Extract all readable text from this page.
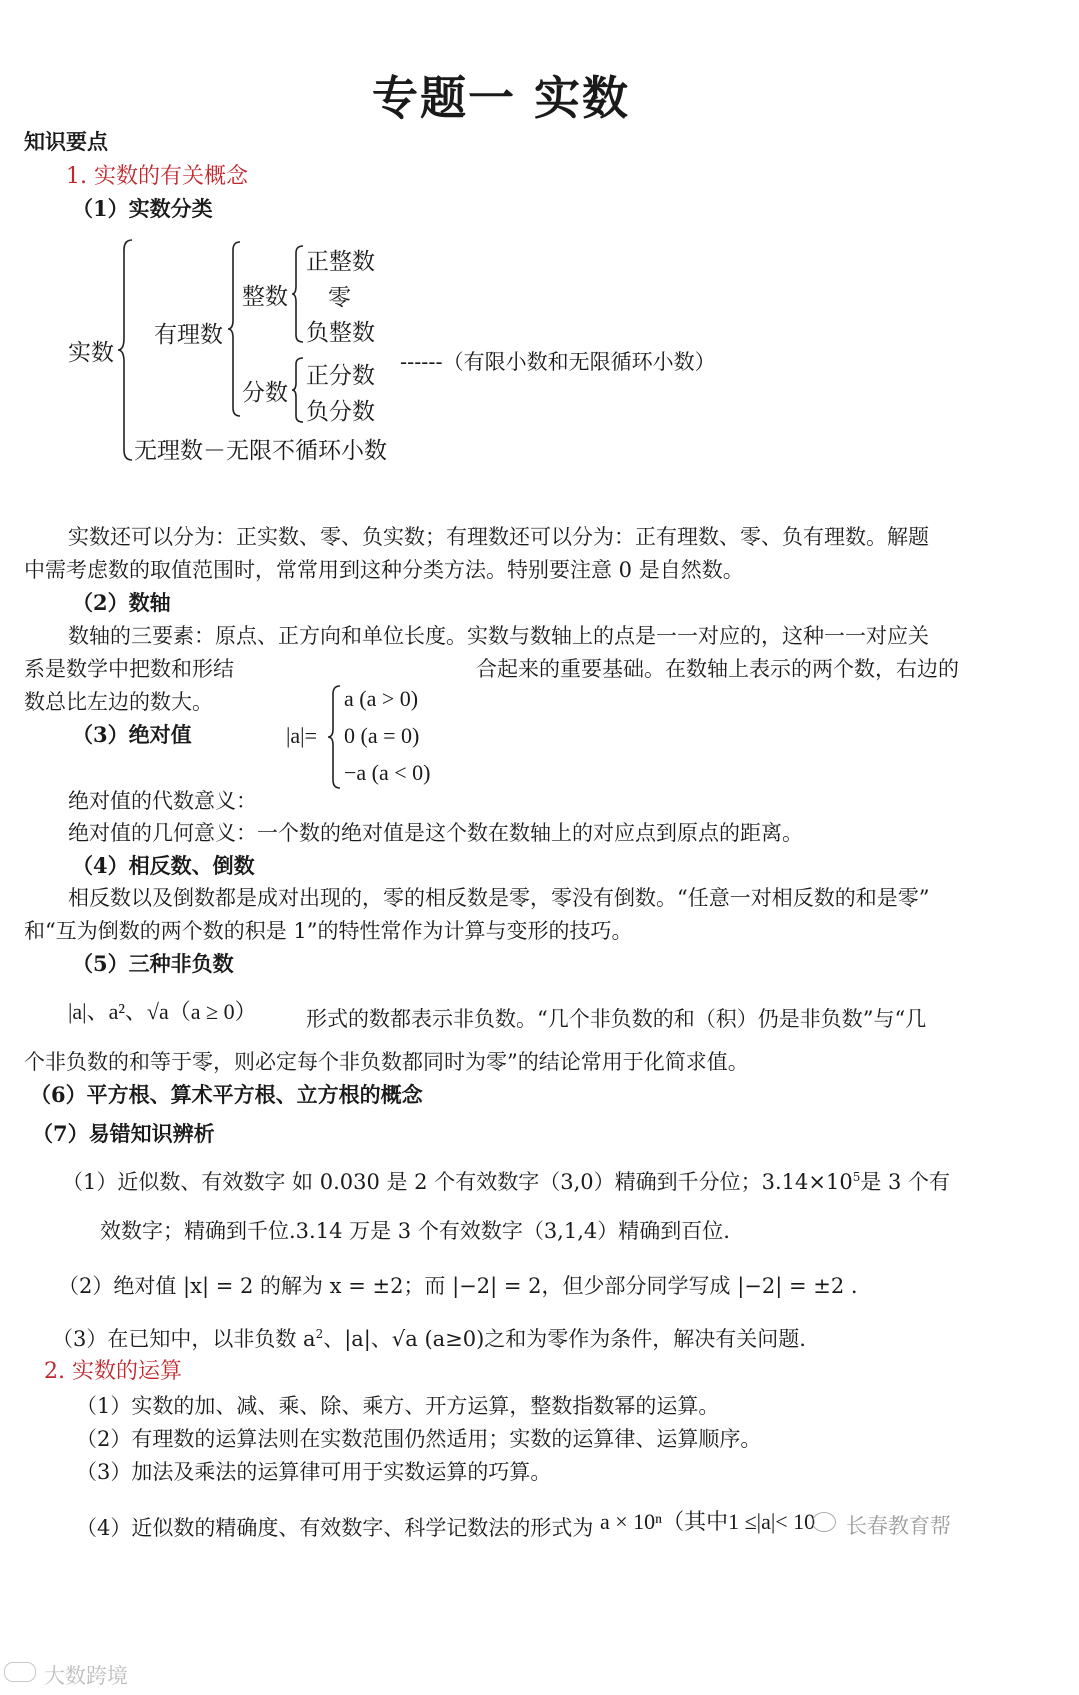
专题一 实数
知识要点
1. 实数的有关概念
（1）实数分类
实数
有理数
整数
正整数
零
负整数
分数
正分数
负分数
------（有限小数和无限循环小数）
无理数－无限不循环小数
实数还可以分为：正实数、零、负实数；有理数还可以分为：正有理数、零、负有理数。解题
中需考虑数的取值范围时，常常用到这种分类方法。特别要注意 0 是自然数。
（2）数轴
数轴的三要素：原点、正方向和单位长度。实数与数轴上的点是一一对应的，这种一一对应关
系是数学中把数和形结	合起来的重要基础。在数轴上表示的两个数，右边的
数总比左边的数大。
（3）绝对值	|a|=
a (a > 0)
0 (a = 0)
−a (a < 0)
绝对值的代数意义：
绝对值的几何意义：一个数的绝对值是这个数在数轴上的对应点到原点的距离。
（4）相反数、倒数
相反数以及倒数都是成对出现的，零的相反数是零，零没有倒数。“任意一对相反数的和是零”
和“互为倒数的两个数的积是 1”的特性常作为计算与变形的技巧。
（5）三种非负数
|a|、a²、√a（a ≥ 0） 形式的数都表示非负数。“几个非负数的和（积）仍是非负数”与“几
个非负数的和等于零，则必定每个非负数都同时为零”的结论常用于化简求值。
（6）平方根、算术平方根、立方根的概念
（7）易错知识辨析
（1）近似数、有效数字 如 0.030 是 2 个有效数字（3,0）精确到千分位；$3.14\times 10^5$是 3 个有
效数字；精确到千位.3.14 万是 3 个有效数字（3,1,4）精确到百位.
（2）绝对值 |x| = 2 的解为 x = ±2；而 |−2| = 2，但少部分同学写成 |−2| = ±2 .
（3）在已知中，以非负数 $a^2$、|a|、√a (a≥0)之和为零作为条件，解决有关问题.
2. 实数的运算
（1）实数的加、减、乘、除、乘方、开方运算，整数指数幂的运算。
（2）有理数的运算法则在实数范围仍然适用；实数的运算律、运算顺序。
（3）加法及乘法的运算律可用于实数运算的巧算。
（4）近似数的精确度、有效数字、科学记数法的形式为 a × 10ⁿ（其中1 ≤|a|< 10 长春教育帮
大数跨境
